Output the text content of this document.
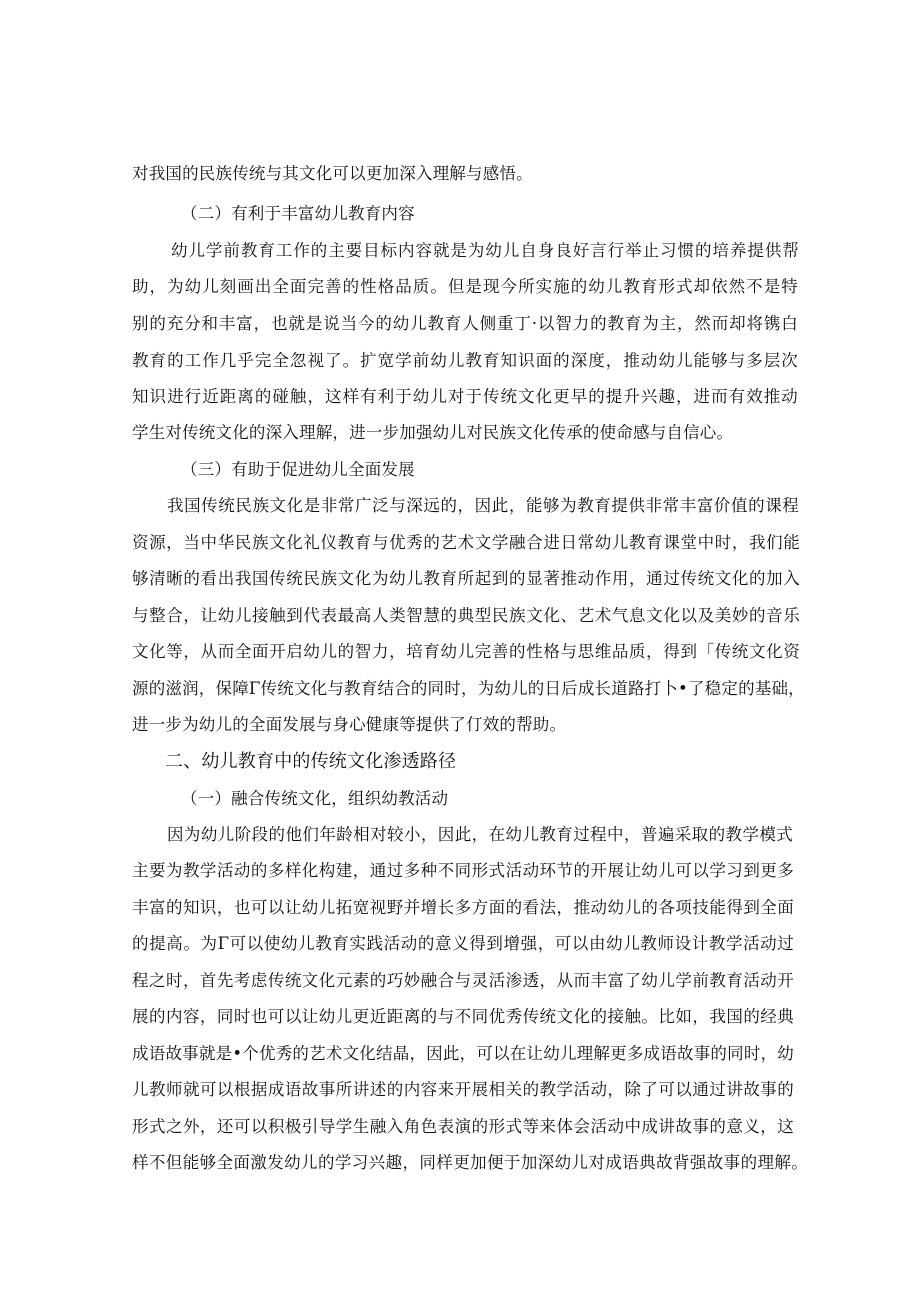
对我国的民族传统与其文化可以更加深入理解与感悟。
（二）有利于丰富幼儿教育内容
幼儿学前教育工作的主要目标内容就是为幼儿自身良好言行举止习惯的培养提供帮
助，为幼儿刻画出全面完善的性格品质。但是现今所实施的幼儿教育形式却依然不是特
别的充分和丰富，也就是说当今的幼儿教育人侧重丁·以智力的教育为主，然而却将镌白
教育的工作几乎完全忽视了。扩宽学前幼儿教育知识面的深度，推动幼儿能够与多层次
知识进行近距离的碰触，这样有利于幼儿对于传统文化更早的提升兴趣，进而有效推动
学生对传统文化的深入理解，进一步加强幼儿对民族文化传承的使命感与自信心。
（三）有助于促进幼儿全面发展
我国传统民族文化是非常广泛与深远的，因此，能够为教育提供非常丰富价值的课程
资源，当中华民族文化礼仪教育与优秀的艺术文学融合进日常幼儿教育课堂中时，我们能
够清晰的看出我国传统民族文化为幼儿教育所起到的显著推动作用，通过传统文化的加入
与整合，让幼儿接触到代表最高人类智慧的典型民族文化、艺术气息文化以及美妙的音乐
文化等，从而全面开启幼儿的智力，培育幼儿完善的性格与思维品质，得到「传统文化资
源的滋润，保障Γ传统文化与教育结合的同时，为幼儿的日后成长道路打卜•了稳定的基础，
进一步为幼儿的全面发展与身心健康等提供了仃效的帮助。
二、幼儿教育中的传统文化渗透路径
（一）融合传统文化，组织幼教活动
因为幼儿阶段的他们年龄相对较小，因此，在幼儿教育过程中，普遍采取的教学模式
主要为教学活动的多样化构建，通过多种不同形式活动环节的开展让幼儿可以学习到更多
丰富的知识，也可以让幼儿拓宽视野并增长多方面的看法，推动幼儿的各项技能得到全面
的提高。为Γ可以使幼儿教育实践活动的意义得到增强，可以由幼儿教师设计教学活动过
程之时，首先考虑传统文化元素的巧妙融合与灵活渗透，从而丰富了幼儿学前教育活动开
展的内容，同时也可以让幼儿更近距离的与不同优秀传统文化的接触。比如，我国的经典
成语故事就是•个优秀的艺术文化结晶，因此，可以在让幼儿理解更多成语故事的同时，幼
儿教师就可以根据成语故事所讲述的内容来开展相关的教学活动，除了可以通过讲故事的
形式之外，还可以积极引导学生融入角色表演的形式等来体会活动中成讲故事的意义，这
样不但能够全面激发幼儿的学习兴趣，同样更加便于加深幼儿对成语典故背强故事的理解。
